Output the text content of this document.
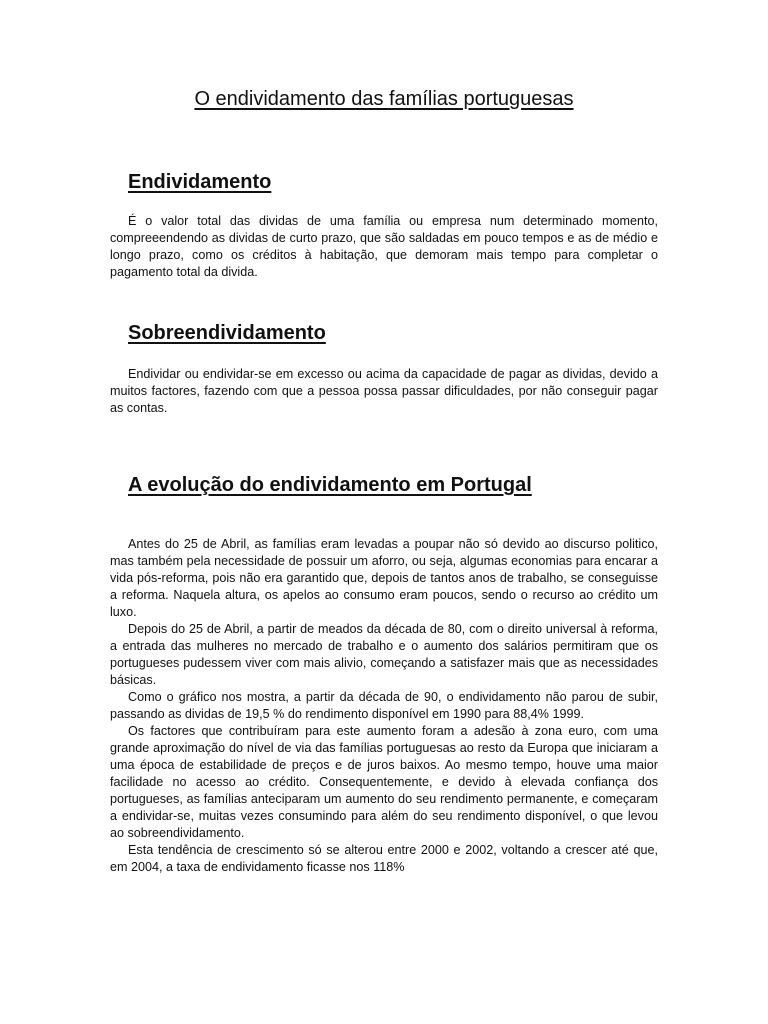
O endividamento das famílias portuguesas
Endividamento

É o valor total das dividas de uma família ou empresa num determinado momento, compreeendendo as dividas de curto prazo, que são saldadas em pouco tempos e as de médio e longo prazo, como os créditos à habitação, que demoram mais tempo para completar o pagamento total da divida.

Sobreendividamento

Endividar ou endividar-se em excesso ou acima da capacidade de pagar as dividas, devido a muitos factores, fazendo com que a pessoa possa passar dificuldades, por não conseguir pagar as contas.

A evolução do endividamento em Portugal

Antes do 25 de Abril, as famílias eram levadas a poupar não só devido ao discurso politico, mas também pela necessidade de possuir um aforro, ou seja, algumas economias para encarar a vida pós-reforma, pois não era garantido que, depois de tantos anos de trabalho, se conseguisse a reforma. Naquela altura, os apelos ao consumo eram poucos, sendo o recurso ao crédito um luxo.

Depois do 25 de Abril, a partir de meados da década de 80, com o direito universal à reforma, a entrada das mulheres no mercado de trabalho e o aumento dos salários permitiram que os portugueses pudessem viver com mais alivio, começando a satisfazer mais que as necessidades básicas.

Como o gráfico nos mostra, a partir da década de 90, o endividamento não parou de subir, passando as dividas de 19,5 % do rendimento disponível em 1990 para 88,4% 1999.

Os factores que contribuíram para este aumento foram a adesão à zona euro, com uma grande aproximação do nível de via das famílias portuguesas ao resto da Europa que iniciaram a uma época de estabilidade de preços e de juros baixos. Ao mesmo tempo, houve uma maior facilidade no acesso ao crédito. Consequentemente, e devido à elevada confiança dos portugueses, as famílias anteciparam um aumento do seu rendimento permanente, e começaram a endividar-se, muitas vezes consumindo para além do seu rendimento disponível, o que levou ao sobreendividamento.

Esta tendência de crescimento só se alterou entre 2000 e 2002, voltando a crescer até que, em 2004, a taxa de endividamento ficasse nos 118%
